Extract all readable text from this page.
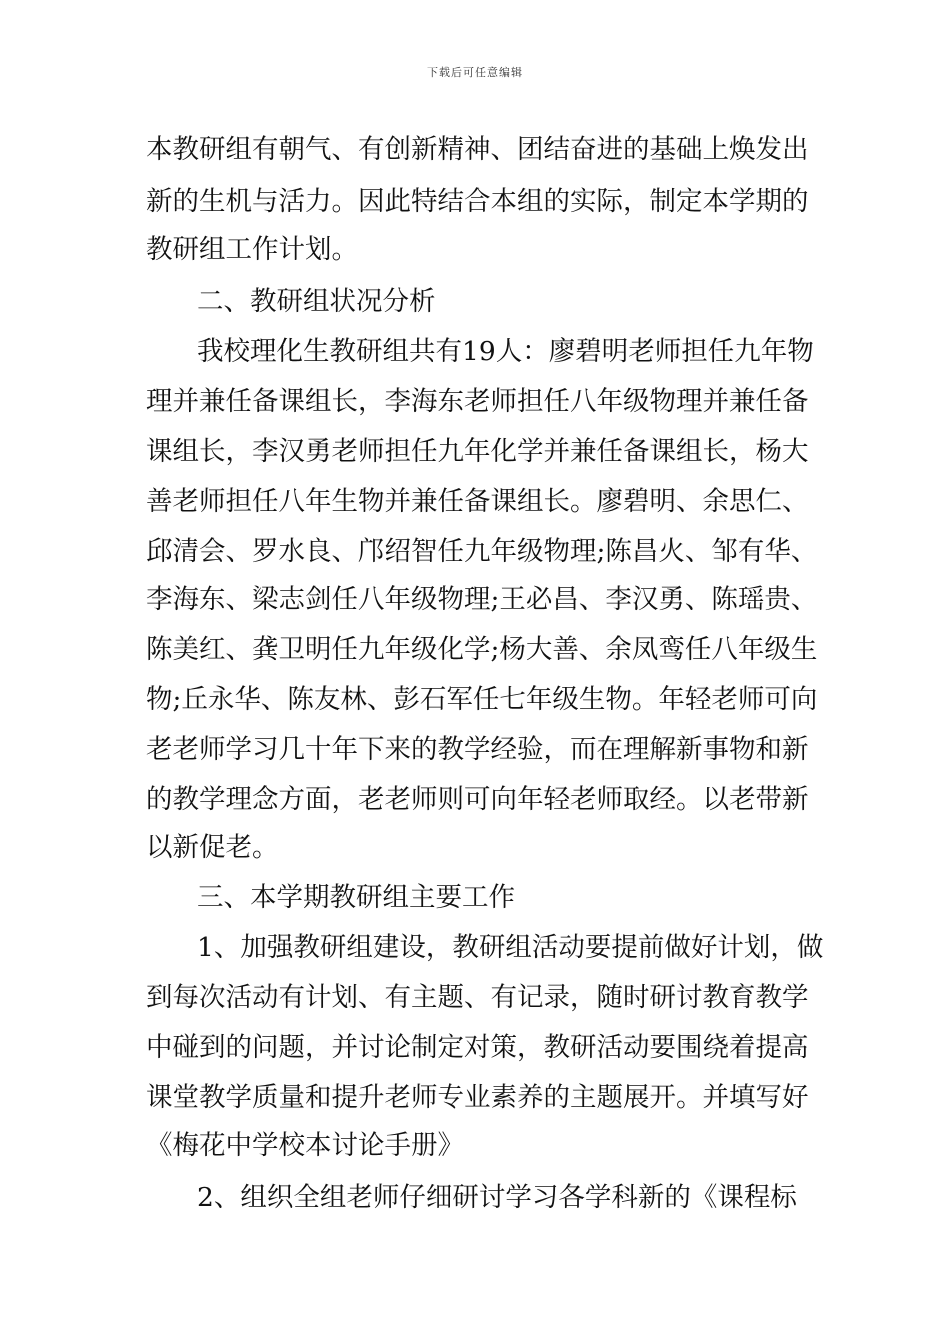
下载后可任意编辑
本教研组有朝气、有创新精神、团结奋进的基础上焕发出
新的生机与活力。因此特结合本组的实际，制定本学期的
教研组工作计划。
二、教研组状况分析
我校理化生教研组共有19人：廖碧明老师担任九年物
理并兼任备课组长，李海东老师担任八年级物理并兼任备
课组长，李汉勇老师担任九年化学并兼任备课组长，杨大
善老师担任八年生物并兼任备课组长。廖碧明、余思仁、
邱清会、罗水良、邝绍智任九年级物理;陈昌火、邹有华、
李海东、梁志剑任八年级物理;王必昌、李汉勇、陈瑶贵、
陈美红、龚卫明任九年级化学;杨大善、余凤鸾任八年级生
物;丘永华、陈友林、彭石军任七年级生物。年轻老师可向
老老师学习几十年下来的教学经验，而在理解新事物和新
的教学理念方面，老老师则可向年轻老师取经。以老带新
以新促老。
三、本学期教研组主要工作
1、加强教研组建设，教研组活动要提前做好计划，做
到每次活动有计划、有主题、有记录，随时研讨教育教学
中碰到的问题，并讨论制定对策，教研活动要围绕着提高
课堂教学质量和提升老师专业素养的主题展开。并填写好
《梅花中学校本讨论手册》
2、组织全组老师仔细研讨学习各学科新的《课程标
